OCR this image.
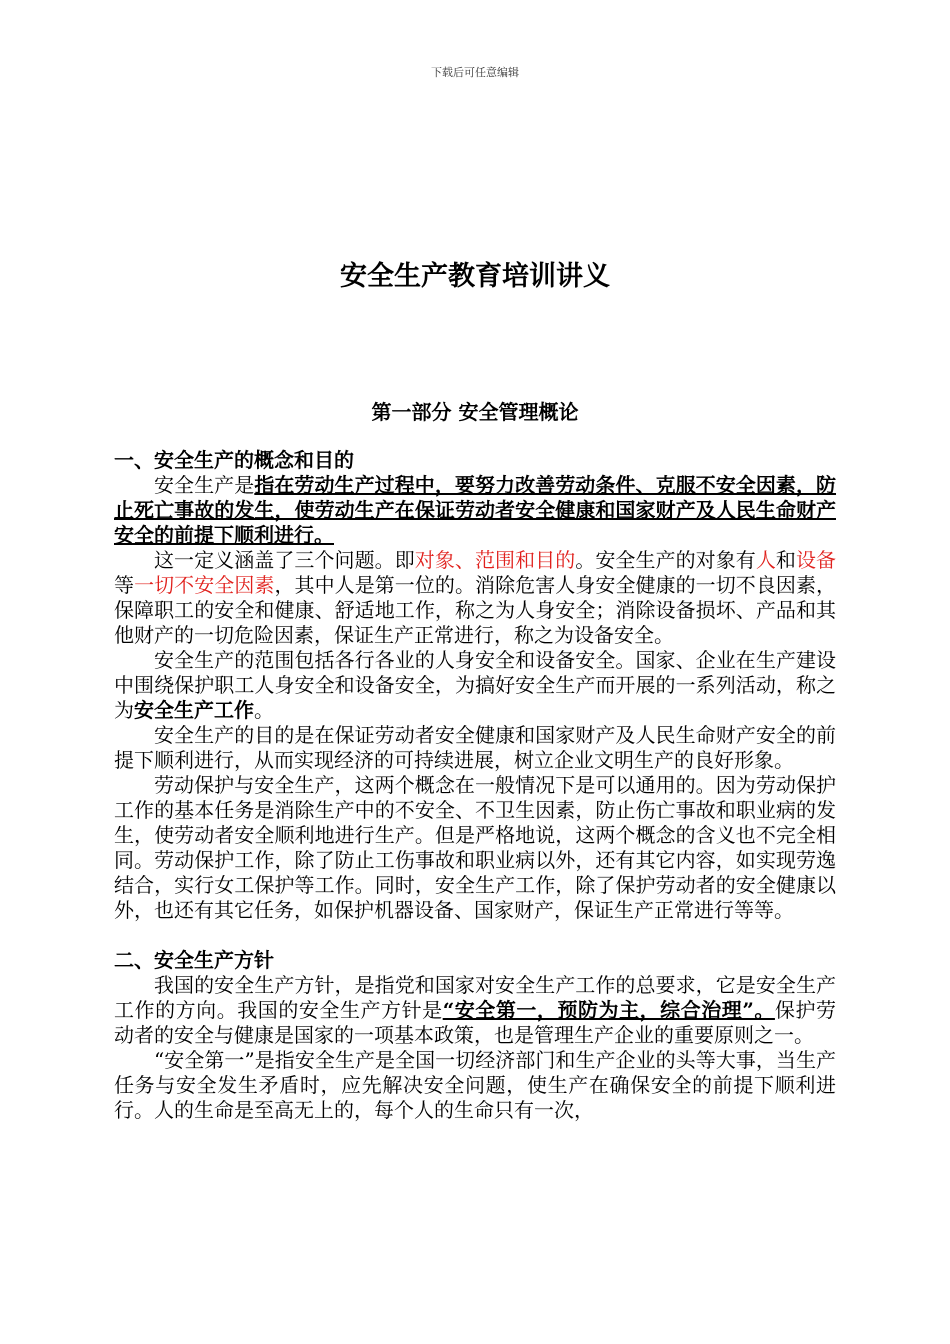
下载后可任意编辑
安全生产教育培训讲义
第一部分 安全管理概论
一、安全生产的概念和目的

安全生产是指在劳动生产过程中，要努力改善劳动条件、克服不安全因素，防止死亡事故的发生，使劳动生产在保证劳动者安全健康和国家财产及人民生命财产安全的前提下顺利进行。

这一定义涵盖了三个问题。即对象、范围和目的。安全生产的对象有人和设备等一切不安全因素，其中人是第一位的。消除危害人身安全健康的一切不良因素，保障职工的安全和健康、舒适地工作，称之为人身安全；消除设备损坏、产品和其他财产的一切危险因素，保证生产正常进行，称之为设备安全。

安全生产的范围包括各行各业的人身安全和设备安全。国家、企业在生产建设中围绕保护职工人身安全和设备安全，为搞好安全生产而开展的一系列活动，称之为安全生产工作。

安全生产的目的是在保证劳动者安全健康和国家财产及人民生命财产安全的前提下顺利进行，从而实现经济的可持续进展，树立企业文明生产的良好形象。

劳动保护与安全生产，这两个概念在一般情况下是可以通用的。因为劳动保护工作的基本任务是消除生产中的不安全、不卫生因素，防止伤亡事故和职业病的发生，使劳动者安全顺利地进行生产。但是严格地说，这两个概念的含义也不完全相同。劳动保护工作，除了防止工伤事故和职业病以外，还有其它内容，如实现劳逸结合，实行女工保护等工作。同时，安全生产工作，除了保护劳动者的安全健康以外，也还有其它任务，如保护机器设备、国家财产，保证生产正常进行等等。

二、安全生产方针

我国的安全生产方针，是指党和国家对安全生产工作的总要求，它是安全生产工作的方向。我国的安全生产方针是“安全第一，预防为主，综合治理”。保护劳动者的安全与健康是国家的一项基本政策，也是管理生产企业的重要原则之一。

“安全第一”是指安全生产是全国一切经济部门和生产企业的头等大事，当生产任务与安全发生矛盾时，应先解决安全问题，使生产在确保安全的前提下顺利进行。人的生命是至高无上的，每个人的生命只有一次，
